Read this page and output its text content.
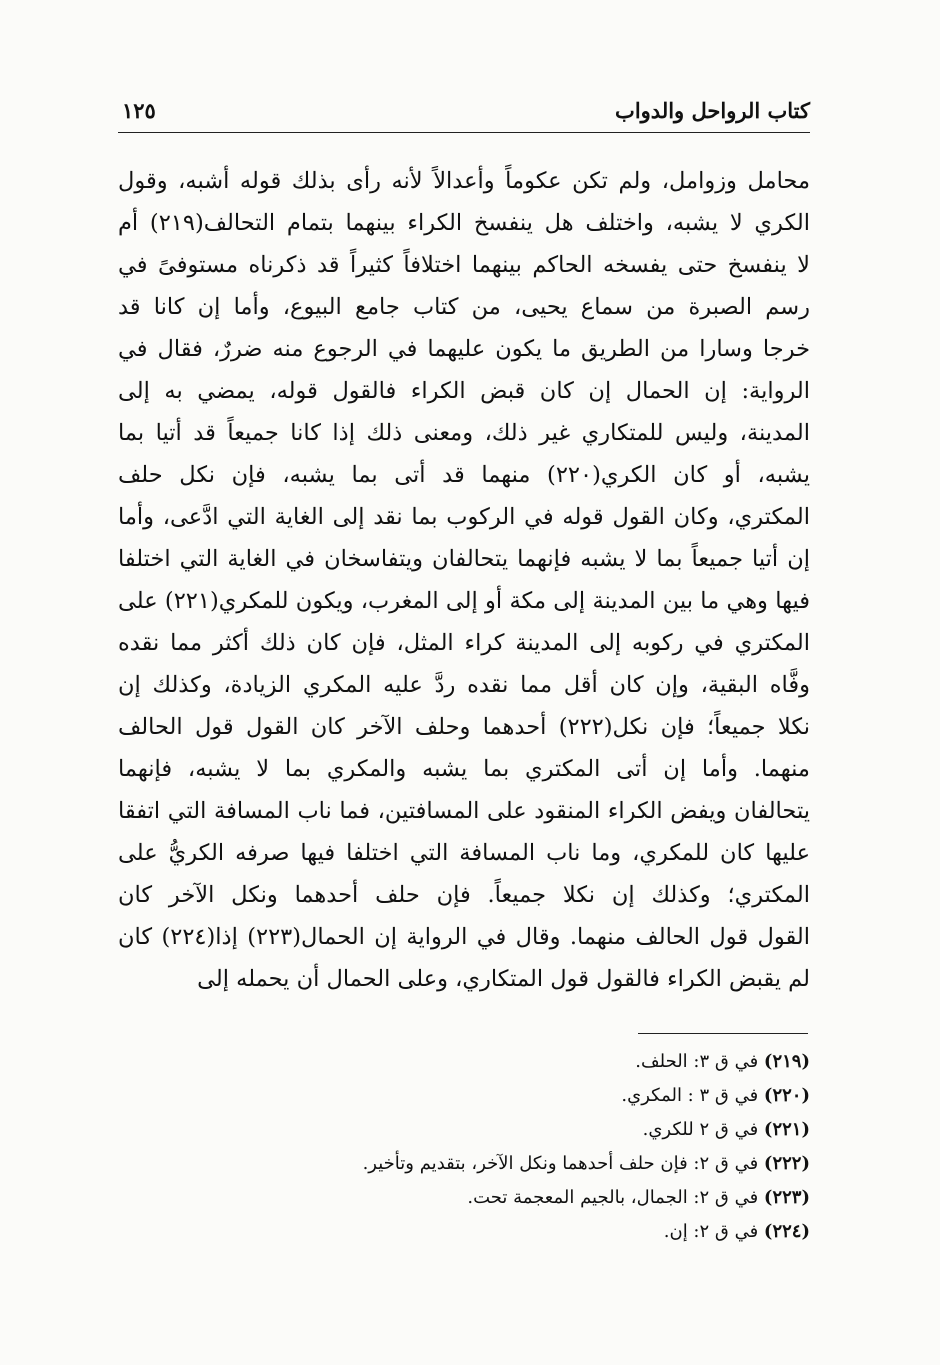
كتاب الرواحل والدواب
١٢٥
محامل وزوامل، ولم تكن عكوماً وأعدالاً لأنه رأى بذلك قوله أشبه، وقول
الكري لا يشبه، واختلف هل ينفسخ الكراء بينهما بتمام التحالف(٢١٩) أم
لا ينفسخ حتى يفسخه الحاكم بينهما اختلافاً كثيراً قد ذكرناه مستوفىً في
رسم الصبرة من سماع يحيى، من كتاب جامع البيوع، وأما إن كانا قد
خرجا وسارا من الطريق ما يكون عليهما في الرجوع منه ضررٌ، فقال في
الرواية: إن الحمال إن كان قبض الكراء فالقول قوله، يمضي به إلى
المدينة، وليس للمتكاري غير ذلك، ومعنى ذلك إذا كانا جميعاً قد أتيا بما
يشبه، أو كان الكري(٢٢٠) منهما قد أتى بما يشبه، فإن نكل حلف
المكتري، وكان القول قوله في الركوب بما نقد إلى الغاية التي ادَّعى، وأما
إن أتيا جميعاً بما لا يشبه فإنهما يتحالفان ويتفاسخان في الغاية التي اختلفا
فيها وهي ما بين المدينة إلى مكة أو إلى المغرب، ويكون للمكري(٢٢١) على
المكتري في ركوبه إلى المدينة كراء المثل، فإن كان ذلك أكثر مما نقده
وفَّاه البقية، وإن كان أقل مما نقده ردَّ عليه المكري الزيادة، وكذلك إن
نكلا جميعاً؛ فإن نكل(٢٢٢) أحدهما وحلف الآخر كان القول قول الحالف
منهما. وأما إن أتى المكتري بما يشبه والمكري بما لا يشبه، فإنهما
يتحالفان ويفض الكراء المنقود على المسافتين، فما ناب المسافة التي اتفقا
عليها كان للمكري، وما ناب المسافة التي اختلفا فيها صرفه الكريُّ على
المكتري؛ وكذلك إن نكلا جميعاً. فإن حلف أحدهما ونكل الآخر كان
القول قول الحالف منهما. وقال في الرواية إن الحمال(٢٢٣) إذا(٢٢٤) كان
لم يقبض الكراء فالقول قول المتكاري، وعلى الحمال أن يحمله إلى
(٢١٩) في ق ٣: الحلف.
(٢٢٠) في ق ٣ : المكري.
(٢٢١) في ق ٢ للكري.
(٢٢٢) في ق ٢: فإن حلف أحدهما ونكل الآخر، بتقديم وتأخير.
(٢٢٣) في ق ٢: الجمال، بالجيم المعجمة تحت.
(٢٢٤) في ق ٢: إن.
